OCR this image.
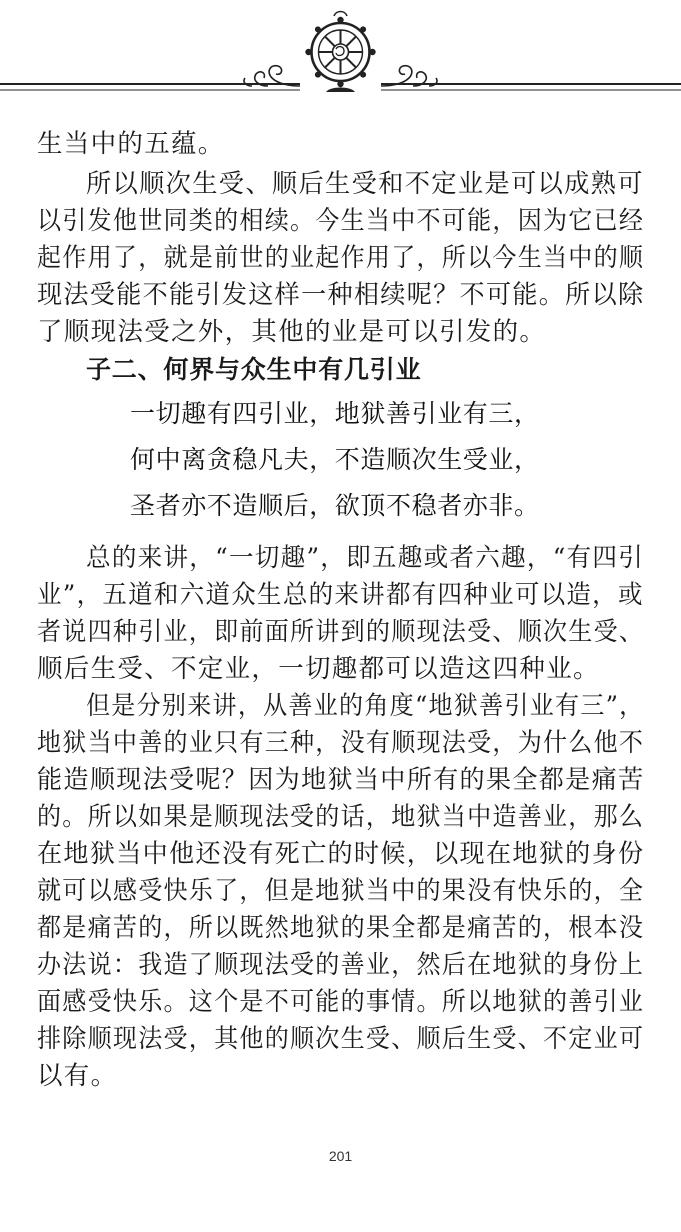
生当中的五蕴。
所以顺次生受、顺后生受和不定业是可以成熟可
以引发他世同类的相续。今生当中不可能，因为它已经
起作用了，就是前世的业起作用了，所以今生当中的顺
现法受能不能引发这样一种相续呢？不可能。所以除
了顺现法受之外，其他的业是可以引发的。
子二、何界与众生中有几引业
一切趣有四引业，地狱善引业有三，
何中离贪稳凡夫，不造顺次生受业，
圣者亦不造顺后，欲顶不稳者亦非。
总的来讲，“一切趣”，即五趣或者六趣，“有四引
业”，五道和六道众生总的来讲都有四种业可以造，或
者说四种引业，即前面所讲到的顺现法受、顺次生受、
顺后生受、不定业，一切趣都可以造这四种业。
但是分别来讲，从善业的角度“地狱善引业有三”，
地狱当中善的业只有三种，没有顺现法受，为什么他不
能造顺现法受呢？因为地狱当中所有的果全都是痛苦
的。所以如果是顺现法受的话，地狱当中造善业，那么
在地狱当中他还没有死亡的时候，以现在地狱的身份
就可以感受快乐了，但是地狱当中的果没有快乐的，全
都是痛苦的，所以既然地狱的果全都是痛苦的，根本没
办法说：我造了顺现法受的善业，然后在地狱的身份上
面感受快乐。这个是不可能的事情。所以地狱的善引业
排除顺现法受，其他的顺次生受、顺后生受、不定业可
以有。
201
